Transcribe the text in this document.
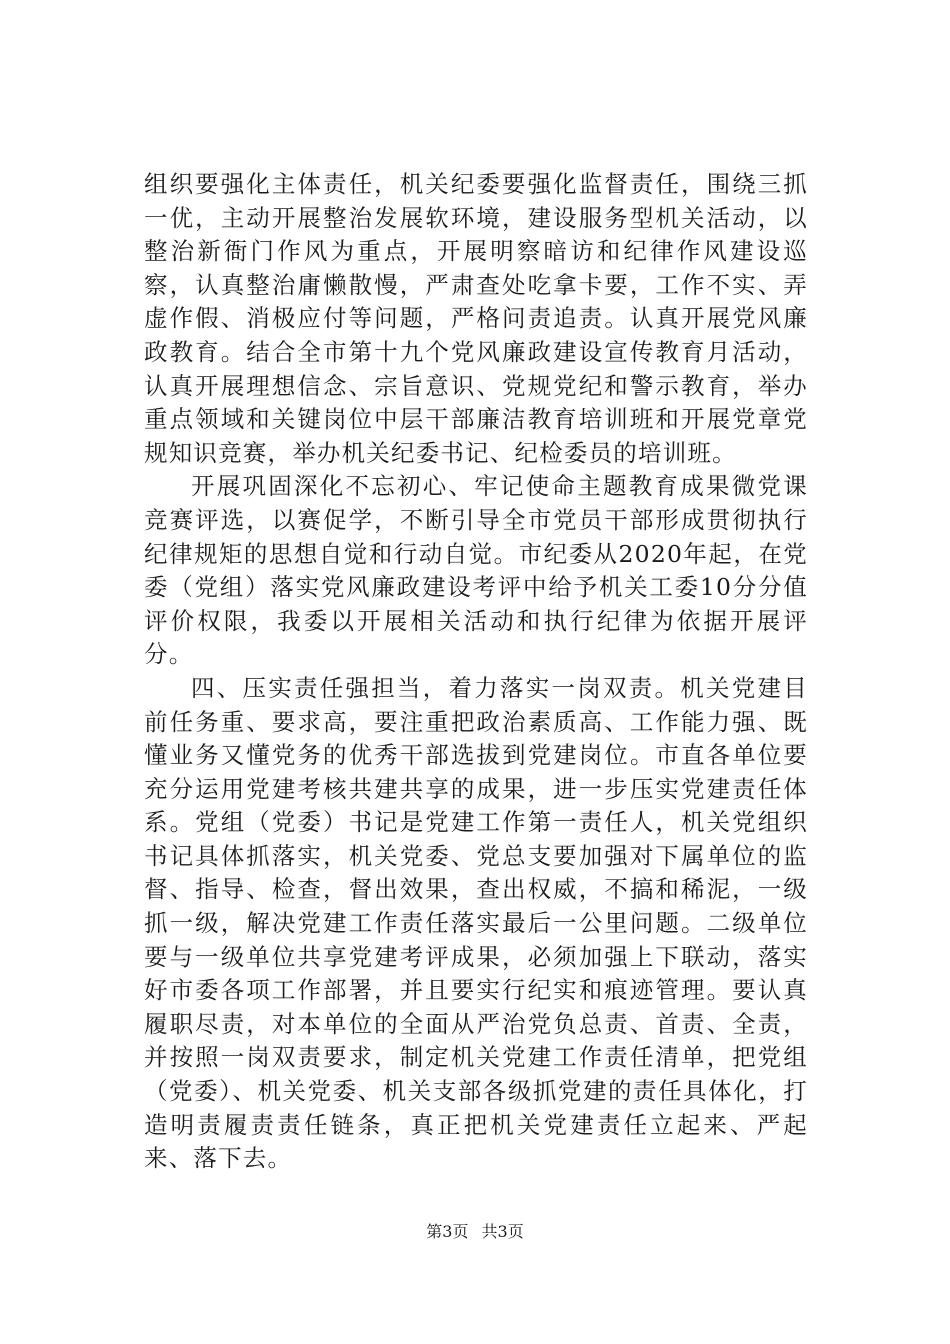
组织要强化主体责任，机关纪委要强化监督责任，围绕三抓一优，主动开展整治发展软环境，建设服务型机关活动，以整治新衙门作风为重点，开展明察暗访和纪律作风建设巡察，认真整治庸懒散慢，严肃查处吃拿卡要，工作不实、弄虚作假、消极应付等问题，严格问责追责。认真开展党风廉政教育。结合全市第十九个党风廉政建设宣传教育月活动，认真开展理想信念、宗旨意识、党规党纪和警示教育，举办重点领域和关键岗位中层干部廉洁教育培训班和开展党章党规知识竞赛，举办机关纪委书记、纪检委员的培训班。

开展巩固深化不忘初心、牢记使命主题教育成果微党课竞赛评选，以赛促学，不断引导全市党员干部形成贯彻执行纪律规矩的思想自觉和行动自觉。市纪委从2020年起，在党委（党组）落实党风廉政建设考评中给予机关工委10分分值评价权限，我委以开展相关活动和执行纪律为依据开展评分。

四、压实责任强担当，着力落实一岗双责。机关党建目前任务重、要求高，要注重把政治素质高、工作能力强、既懂业务又懂党务的优秀干部选拔到党建岗位。市直各单位要充分运用党建考核共建共享的成果，进一步压实党建责任体系。党组（党委）书记是党建工作第一责任人，机关党组织书记具体抓落实，机关党委、党总支要加强对下属单位的监督、指导、检查，督出效果，查出权威，不搞和稀泥，一级抓一级，解决党建工作责任落实最后一公里问题。二级单位要与一级单位共享党建考评成果，必须加强上下联动，落实好市委各项工作部署，并且要实行纪实和痕迹管理。要认真履职尽责，对本单位的全面从严治党负总责、首责、全责，并按照一岗双责要求，制定机关党建工作责任清单，把党组（党委）、机关党委、机关支部各级抓党建的责任具体化，打造明责履责责任链条，真正把机关党建责任立起来、严起来、落下去。

第3页 共3页
